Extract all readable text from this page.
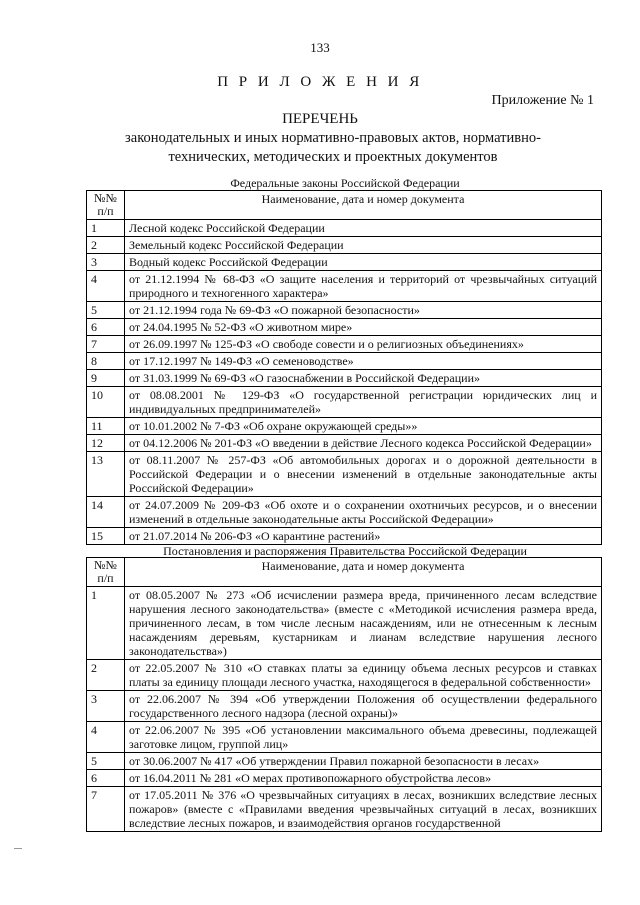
133
П Р И Л О Ж Е Н И Я
Приложение № 1
ПЕРЕЧЕНЬ
законодательных и иных нормативно-правовых актов, нормативно-
технических, методических и проектных документов
Федеральные законы Российской Федерации
№№ п/п	Наименование, дата и номер документа
1	Лесной кодекс Российской Федерации
2	Земельный кодекс Российской Федерации
3	Водный кодекс Российской Федерации
4	от 21.12.1994 № 68-ФЗ «О защите населения и территорий от чрезвычайных ситуаций природного и техногенного характера»
5	от 21.12.1994 года № 69-ФЗ «О пожарной безопасности»
6	от 24.04.1995 № 52-ФЗ «О животном мире»
7	от 26.09.1997 № 125-ФЗ «О свободе совести и о религиозных объединениях»
8	от 17.12.1997 № 149-ФЗ «О семеноводстве»
9	от 31.03.1999 № 69-ФЗ «О газоснабжении в Российской Федерации»
10	от 08.08.2001 № 129-ФЗ «О государственной регистрации юридических лиц и индивидуальных предпринимателей»
11	от 10.01.2002 № 7-ФЗ «Об охране окружающей среды»»
12	от 04.12.2006 № 201-ФЗ «О введении в действие Лесного кодекса Российской Федерации»
13	от 08.11.2007 № 257-ФЗ «Об автомобильных дорогах и о дорожной деятельности в Российской Федерации и о внесении изменений в отдельные законодательные акты Российской Федерации»
14	от 24.07.2009 № 209-ФЗ «Об охоте и о сохранении охотничьих ресурсов, и о внесении изменений в отдельные законодательные акты Российской Федерации»
15	от 21.07.2014 № 206-ФЗ «О карантине растений»
Постановления и распоряжения Правительства Российской Федерации
№№ п/п	Наименование, дата и номер документа
1	от 08.05.2007 № 273 «Об исчислении размера вреда, причиненного лесам вследствие нарушения лесного законодательства» (вместе с «Методикой исчисления размера вреда, причиненного лесам, в том числе лесным насаждениям, или не отнесенным к лесным насаждениям деревьям, кустарникам и лианам вследствие нарушения лесного законодательства»)
2	от 22.05.2007 № 310 «О ставках платы за единицу объема лесных ресурсов и ставках платы за единицу площади лесного участка, находящегося в федеральной собственности»
3	от 22.06.2007 № 394 «Об утверждении Положения об осуществлении федерального государственного лесного надзора (лесной охраны)»
4	от 22.06.2007 № 395 «Об установлении максимального объема древесины, подлежащей заготовке лицом, группой лиц»
5	от 30.06.2007 № 417 «Об утверждении Правил пожарной безопасности в лесах»
6	от 16.04.2011 № 281 «О мерах противопожарного обустройства лесов»
7	от 17.05.2011 № 376 «О чрезвычайных ситуациях в лесах, возникших вследствие лесных пожаров» (вместе с «Правилами введения чрезвычайных ситуаций в лесах, возникших вследствие лесных пожаров, и взаимодействия органов государственной
